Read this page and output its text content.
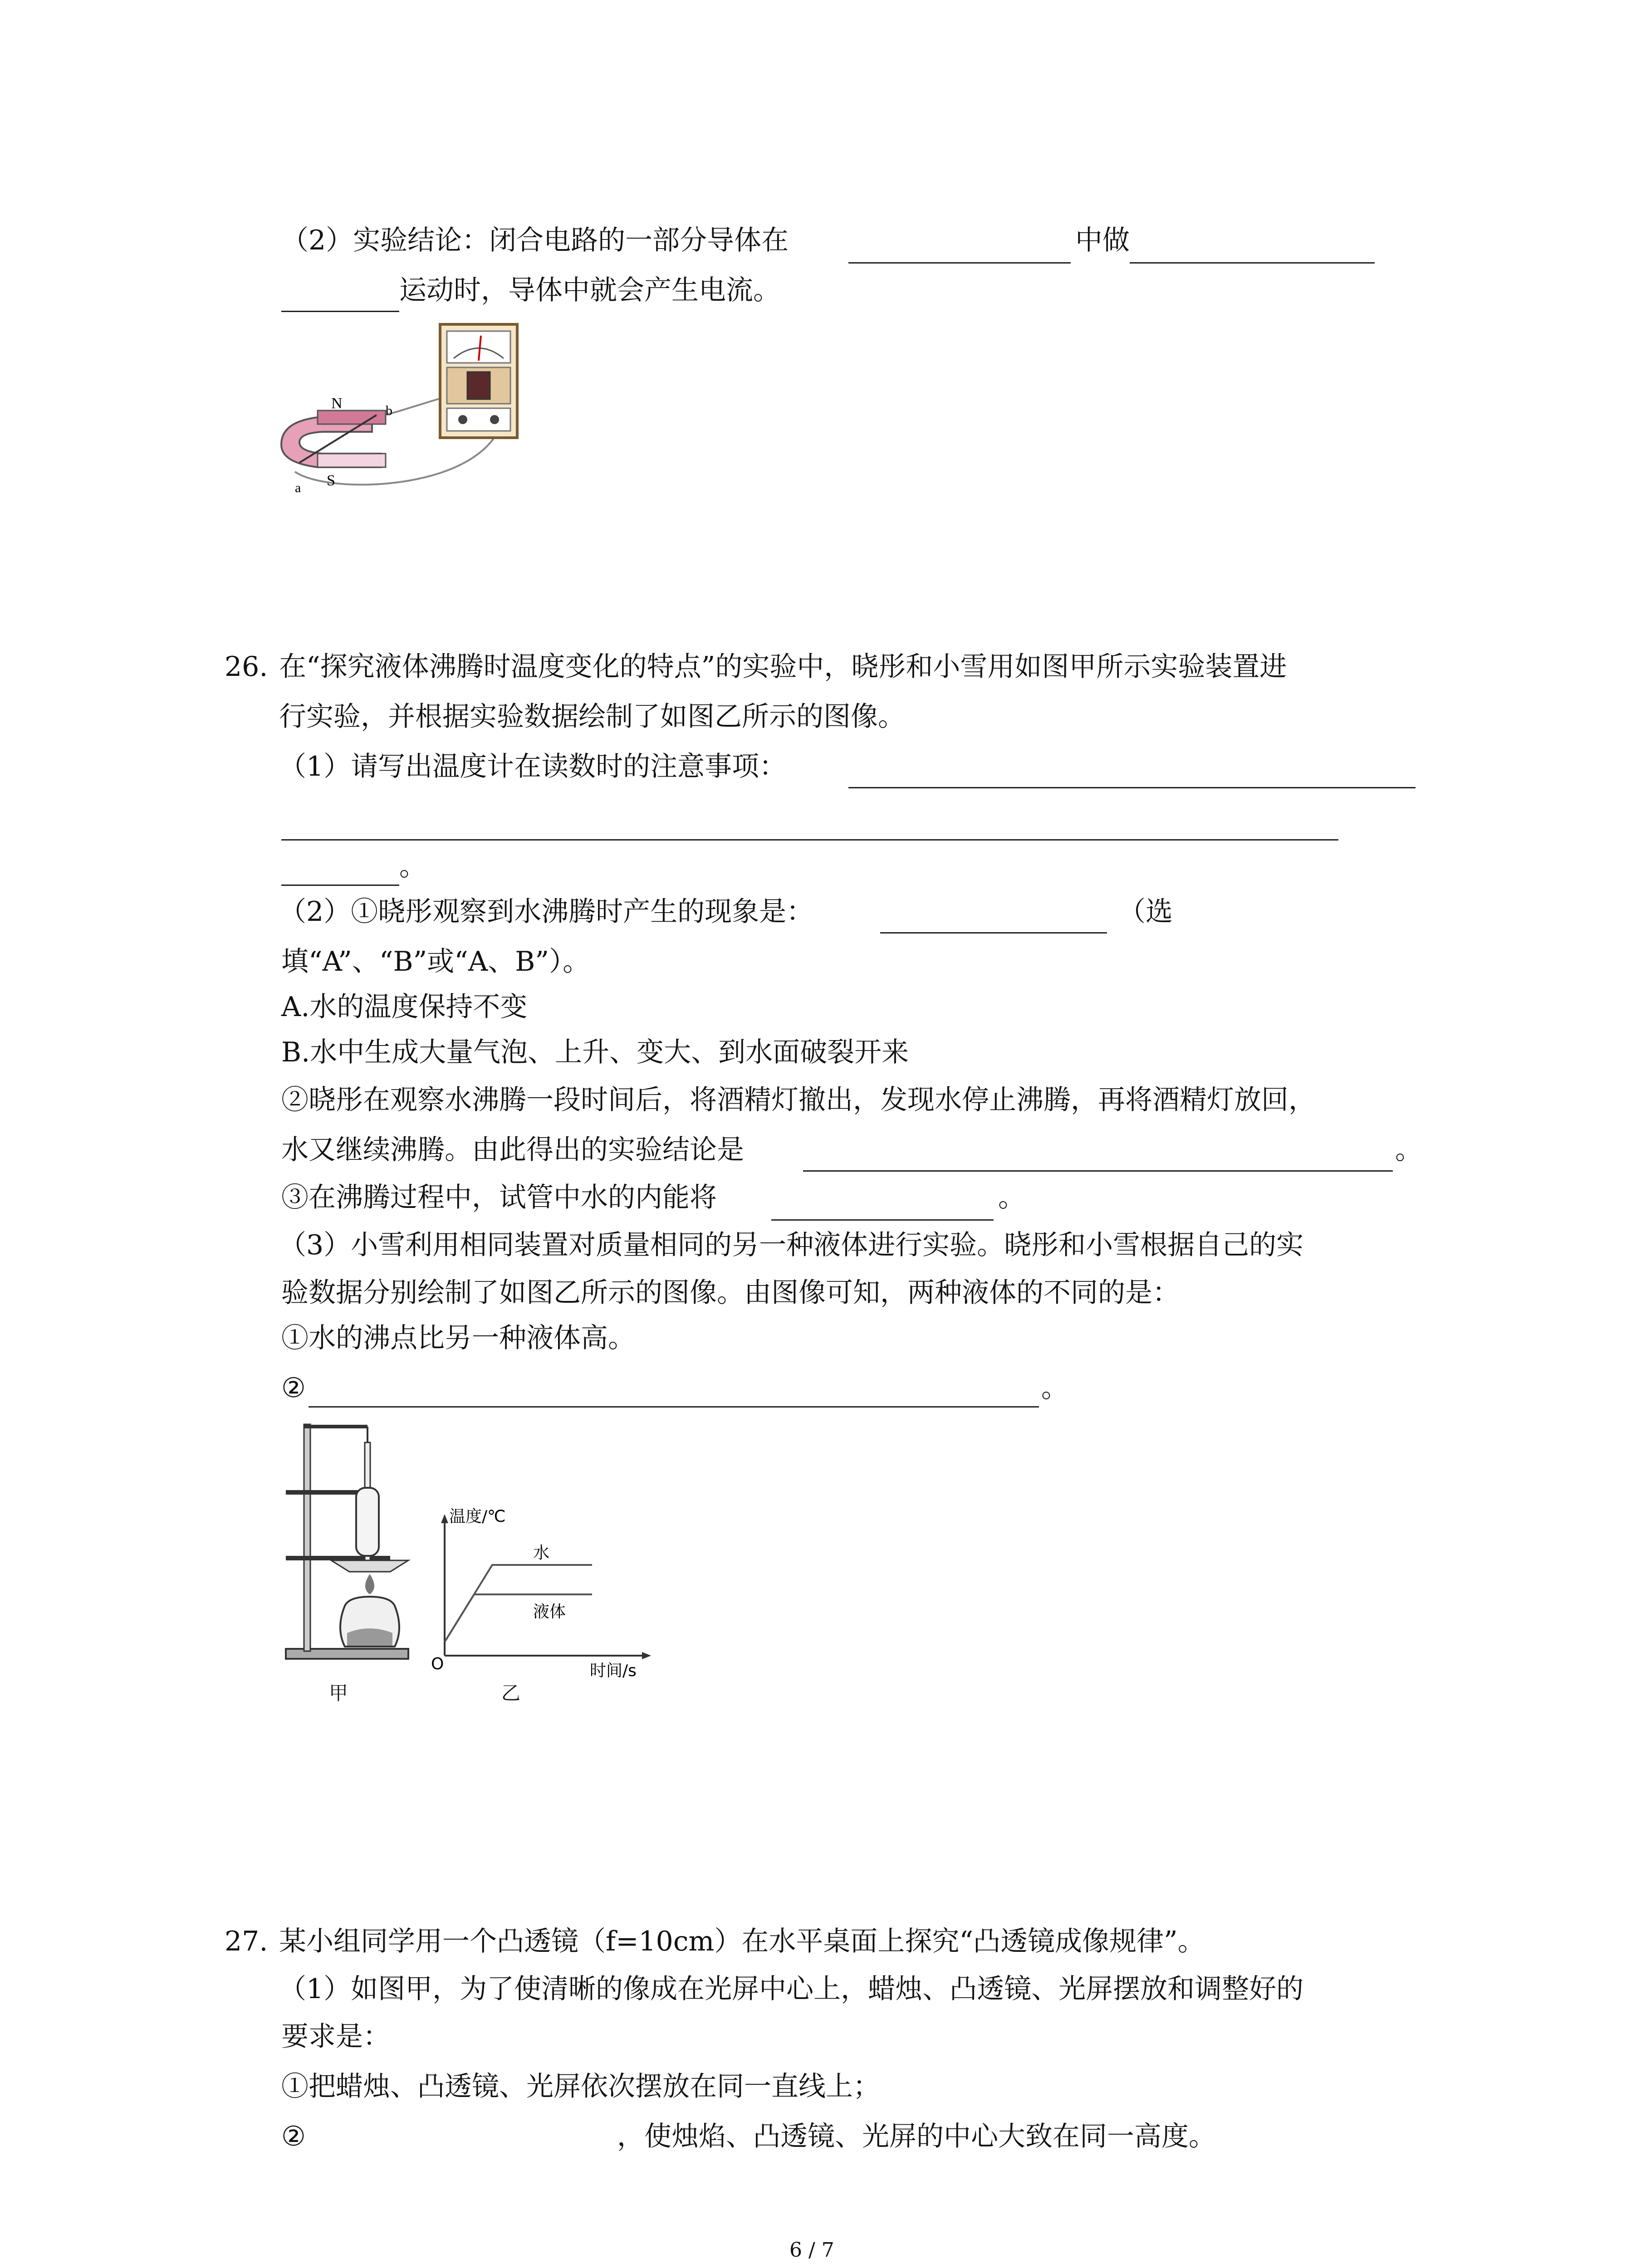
（2）实验结论：闭合电路的一部分导体在	中做
运动时，导体中就会产生电流。
N
S
a
b
26. 在“探究液体沸腾时温度变化的特点”的实验中，晓彤和小雪用如图甲所示实验装置进
行实验，并根据实验数据绘制了如图乙所示的图像。
（1）请写出温度计在读数时的注意事项：
。
（2）①晓彤观察到水沸腾时产生的现象是：	（选
填“A”、“B”或“A、B”）。
A.水的温度保持不变
B.水中生成大量气泡、上升、变大、到水面破裂开来
②晓彤在观察水沸腾一段时间后，将酒精灯撤出，发现水停止沸腾，再将酒精灯放回，
水又继续沸腾。由此得出的实验结论是	。
③在沸腾过程中，试管中水的内能将	。
（3）小雪利用相同装置对质量相同的另一种液体进行实验。晓彤和小雪根据自己的实
验数据分别绘制了如图乙所示的图像。由图像可知，两种液体的不同的是：
①水的沸点比另一种液体高。
②	。
甲
温度/℃
时间/s
O
水
液体
乙
27. 某小组同学用一个凸透镜（f=10cm）在水平桌面上探究“凸透镜成像规律”。
（1）如图甲，为了使清晰的像成在光屏中心上，蜡烛、凸透镜、光屏摆放和调整好的
要求是：
①把蜡烛、凸透镜、光屏依次摆放在同一直线上；
②	，使烛焰、凸透镜、光屏的中心大致在同一高度。
6 / 7
